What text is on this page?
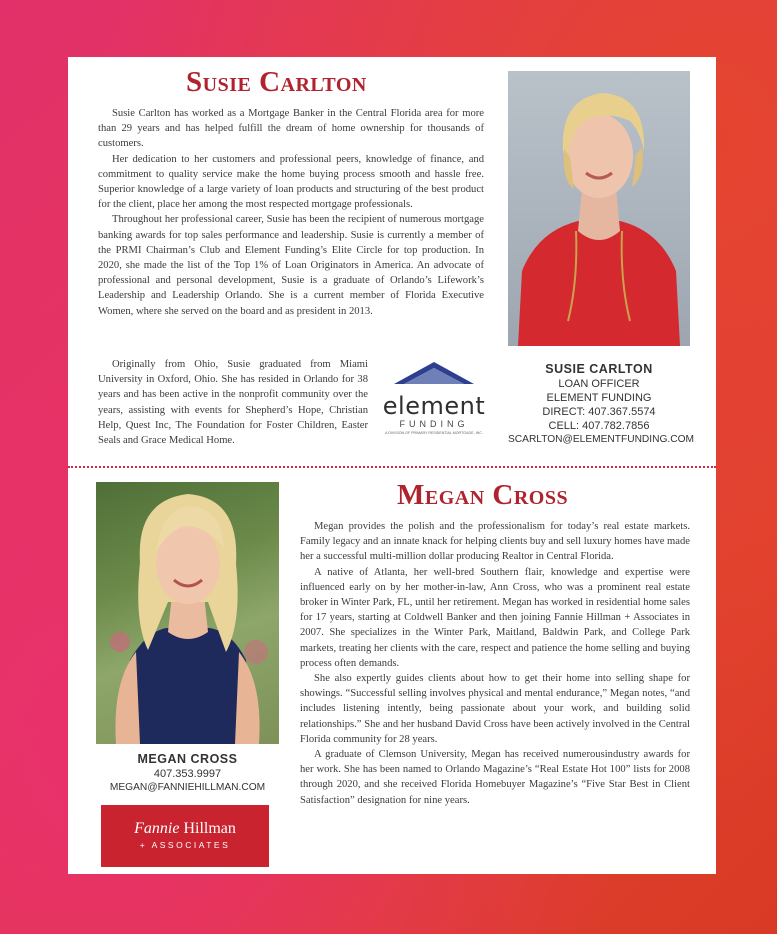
Susie Carlton

Susie Carlton has worked as a Mortgage Banker in the Central Florida area for more than 29 years and has helped fulfill the dream of home ownership for thousands of customers.

Her dedication to her customers and professional peers, knowledge of finance, and commitment to quality service make the home buying process smooth and hassle free. Superior knowledge of a large variety of loan products and structuring of the best product for the client, place her among the most respected mortgage professionals.

Throughout her professional career, Susie has been the recipient of numerous mortgage banking awards for top sales performance and leadership. Susie is currently a member of the PRMI Chairman’s Club and Element Funding’s Elite Circle for top production. In 2020, she made the list of the Top 1% of Loan Originators in America. An advocate of professional and personal development, Susie is a graduate of Orlando’s Lifework’s Leadership and Leadership Orlando. She is a current member of Florida Executive Women, where she served on the board and as president in 2013.

Originally from Ohio, Susie graduated from Miami University in Oxford, Ohio. She has resided in Orlando for 38 years and has been active in the nonprofit community over the years, assisting with events for Shepherd’s Hope, Christian Help, Quest Inc, The Foundation for Foster Children, Easter Seals and Grace Medical Home.

element
FUNDING
A DIVISION OF PRIMARY RESIDENTIAL MORTGAGE, INC.
SUSIE CARLTON
LOAN OFFICER
ELEMENT FUNDING
DIRECT: 407.367.5574
CELL: 407.782.7856
SCARLTON@ELEMENTFUNDING.COM
Megan Cross

Megan provides the polish and the professionalism for today’s real estate markets. Family legacy and an innate knack for helping clients buy and sell luxury homes have made her a successful multi-million dollar producing Realtor in Central Florida.

A native of Atlanta, her well-bred Southern flair, knowledge and expertise were influenced early on by her mother-in-law, Ann Cross, who was a prominent real estate broker in Winter Park, FL, until her retirement. Megan has worked in residential home sales for 17 years, starting at Coldwell Banker and then joining Fannie Hillman + Associates in 2007. She specializes in the Winter Park, Maitland, Baldwin Park, and College Park markets, treating her clients with the care, respect and patience the home selling and buying process often demands.

She also expertly guides clients about how to get their home into selling shape for showings. “Successful selling involves physical and mental endurance,” Megan notes, “and includes listening intently, being passionate about your work, and building solid relationships.” She and her husband David Cross have been actively involved in the Central Florida community for 28 years.

A graduate of Clemson University, Megan has received numerousindustry awards for her work. She has been named to Orlando Magazine’s “Real Estate Hot 100” lists for 2008 through 2020, and she received Florida Homebuyer Magazine’s “Five Star Best in Client Satisfaction” designation for nine years.

MEGAN CROSS
407.353.9997
MEGAN@FANNIEHILLMAN.COM
Fannie Hillman
+ ASSOCIATES
